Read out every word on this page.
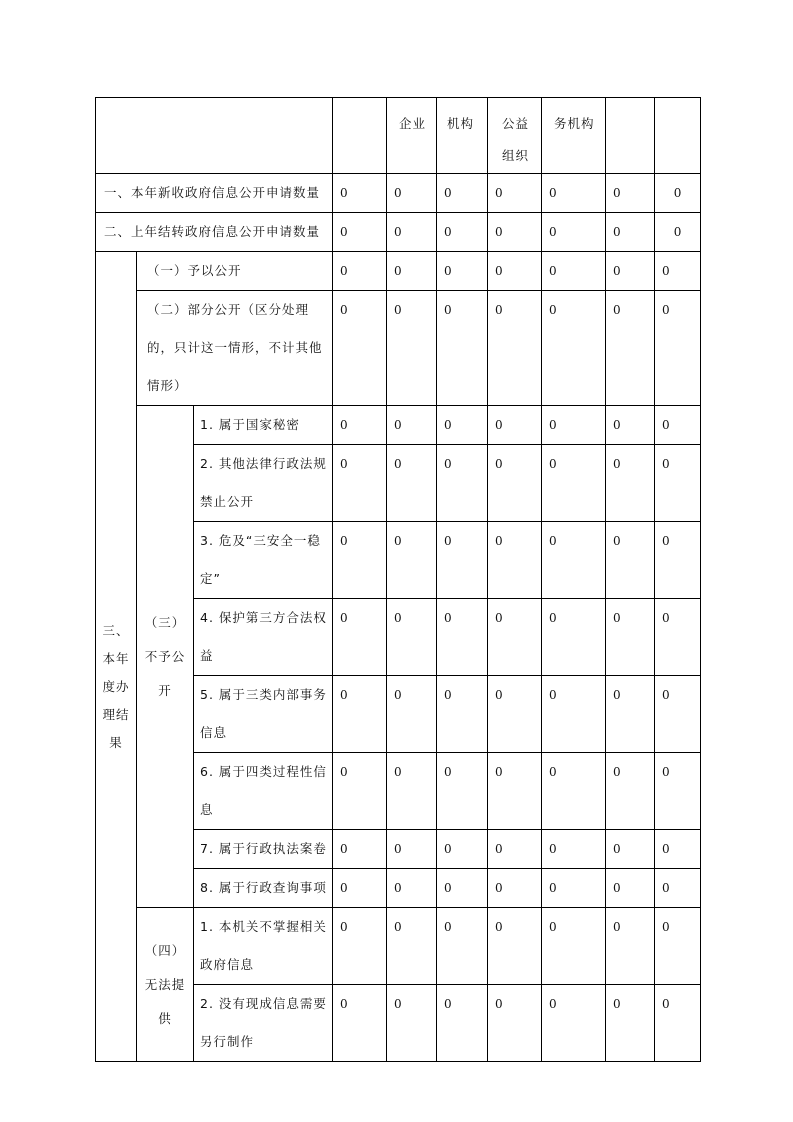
				企业	机构	公益组织	务机构		
一、本年新收政府信息公开申请数量			0	0	0	0	0	0	0
二、上年结转政府信息公开申请数量			0	0	0	0	0	0	0
三、本年度办理结果	（一）予以公开		0	0	0	0	0	0	0
	（二）部分公开（区分处理的，只计这一情形，不计其他情形）		0	0	0	0	0	0	0
	（三）不予公开	1. 属于国家秘密	0	0	0	0	0	0	0
		2. 其他法律行政法规禁止公开	0	0	0	0	0	0	0
		3. 危及“三安全一稳定”	0	0	0	0	0	0	0
		4. 保护第三方合法权益	0	0	0	0	0	0	0
		5. 属于三类内部事务信息	0	0	0	0	0	0	0
		6. 属于四类过程性信息	0	0	0	0	0	0	0
		7. 属于行政执法案卷	0	0	0	0	0	0	0
		8. 属于行政查询事项	0	0	0	0	0	0	0
	（四）无法提供	1. 本机关不掌握相关政府信息	0	0	0	0	0	0	0
		2. 没有现成信息需要另行制作	0	0	0	0	0	0	0
